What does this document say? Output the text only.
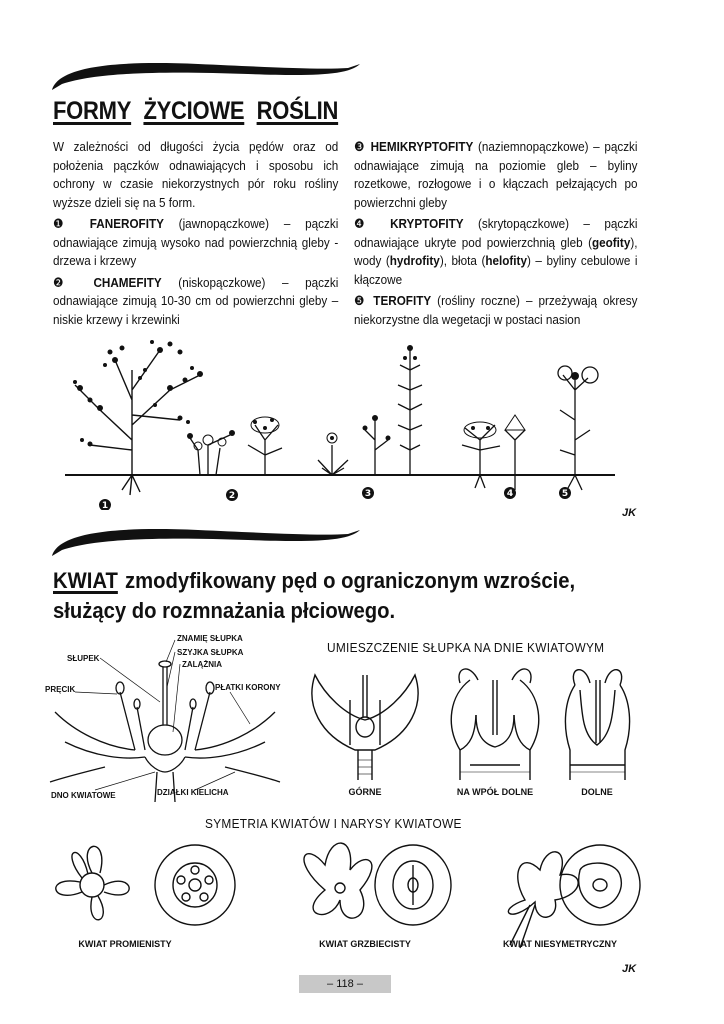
FORMY ŻYCIOWE ROŚLIN

W zależności od długości życia pędów oraz od położenia pączków odnawiających i sposobu ich ochrony w czasie niekorzystnych pór roku rośliny wyższe dzieli się na 5 form.

❶ FANEROFITY (jawnopączkowe) – pączki odnawiające zimują wysoko nad powierzchnią gleby - drzewa i krzewy

❷ CHAMEFITY (niskopączkowe) – pączki odnawiające zimują 10-30 cm od powierzchni gleby – niskie krzewy i krzewinki

❸ HEMIKRYPTOFITY (naziemnopączkowe) – pączki odnawiające zimują na poziomie gleb – byliny rozetkowe, rozłogowe i o kłączach pełzających po powierzchni gleby

❹ KRYPTOFITY (skrytopączkowe) – pączki odnawiające ukryte pod powierzchnią gleb (geofity), wody (hydrofity), błota (helofity) – byliny cebulowe i kłączowe

❺ TEROFITY (rośliny roczne) – przeżywają okresy niekorzystne dla wegetacji w postaci nasion

1
2	3	4	5
JK
KWIAT zmodyfikowany pęd o ograniczonym wzroście, służący do rozmnażania płciowego.
ZNAMIĘ SŁUPKA
SZYJKA SŁUPKA
ZALĄŻNIA
PŁATKI KORONY
SŁUPEK
PRĘCIK
DNO KWIATOWE	DZIAŁKI KIELICHA
UMIESZCZENIE SŁUPKA NA DNIE KWIATOWYM
GÓRNE	NA WPÓŁ DOLNE	DOLNE
SYMETRIA KWIATÓW I NARYSY KWIATOWE
KWIAT PROMIENISTY	KWIAT GRZBIECISTY	KWIAT NIESYMETRYCZNY
JK
– 118 –
